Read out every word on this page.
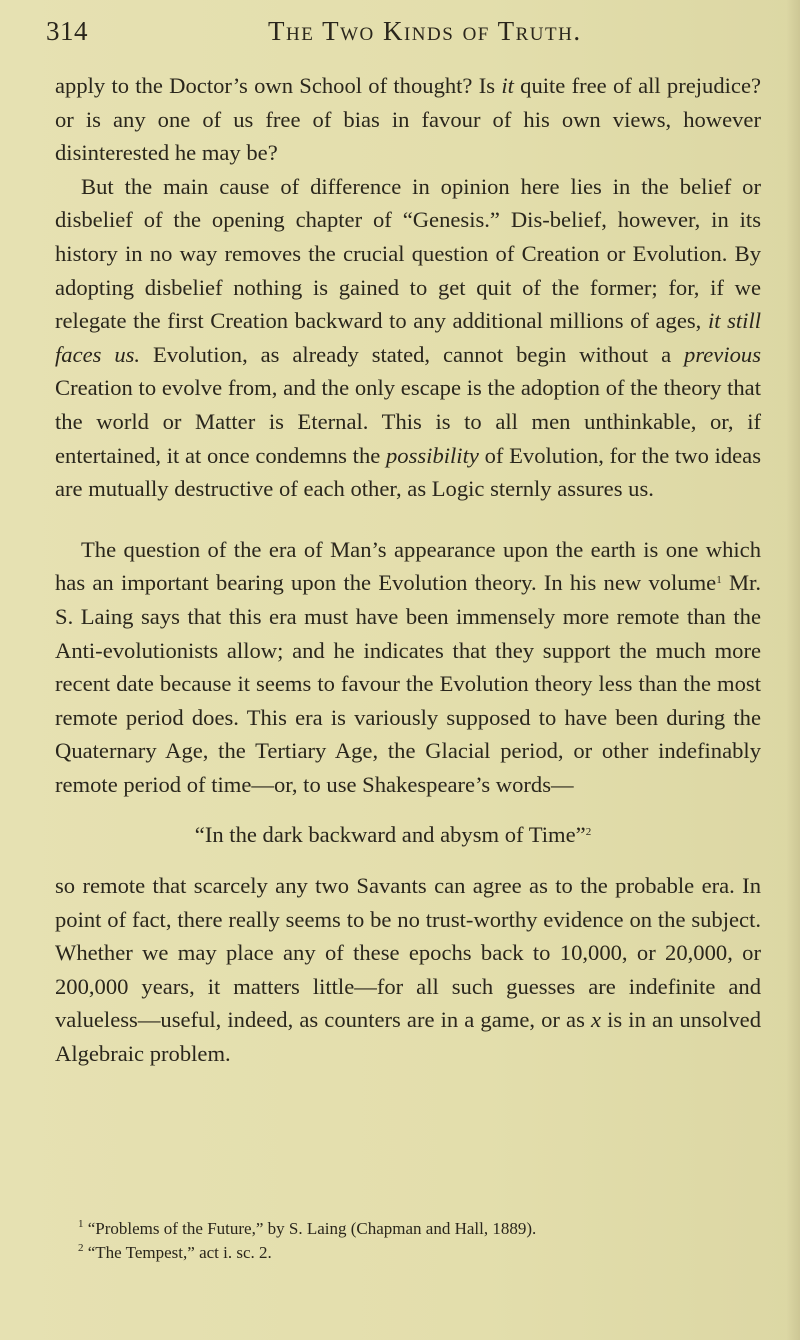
314	The Two Kinds of Truth.

apply to the Doctor’s own School of thought? Is it quite free of all prejudice? or is any one of us free of bias in favour of his own views, however disinterested he may be?

But the main cause of difference in opinion here lies in the belief or disbelief of the opening chapter of “Genesis.” Dis-belief, however, in its history in no way removes the crucial question of Creation or Evolution. By adopting disbelief nothing is gained to get quit of the former; for, if we relegate the first Creation backward to any additional millions of ages, it still faces us. Evolution, as already stated, cannot begin without a previous Creation to evolve from, and the only escape is the adoption of the theory that the world or Matter is Eternal. This is to all men unthinkable, or, if entertained, it at once condemns the possibility of Evolution, for the two ideas are mutually destructive of each other, as Logic sternly assures us.

The question of the era of Man’s appearance upon the earth is one which has an important bearing upon the Evolution theory. In his new volume$^1$ Mr. S. Laing says that this era must have been immensely more remote than the Anti-evolutionists allow; and he indicates that they support the much more recent date because it seems to favour the Evolution theory less than the most remote period does. This era is variously supposed to have been during the Quaternary Age, the Tertiary Age, the Glacial period, or other indefinably remote period of time—or, to use Shakespeare’s words—

“In the dark backward and abysm of Time”$^2$

so remote that scarcely any two Savants can agree as to the probable era. In point of fact, there really seems to be no trust-worthy evidence on the subject. Whether we may place any of these epochs back to 10,000, or 20,000, or 200,000 years, it matters little—for all such guesses are indefinite and valueless—useful, indeed, as counters are in a game, or as x is in an unsolved Algebraic problem.

$^1$ “Problems of the Future,” by S. Laing (Chapman and Hall, 1889).

$^2$ “The Tempest,” act i. sc. 2.
